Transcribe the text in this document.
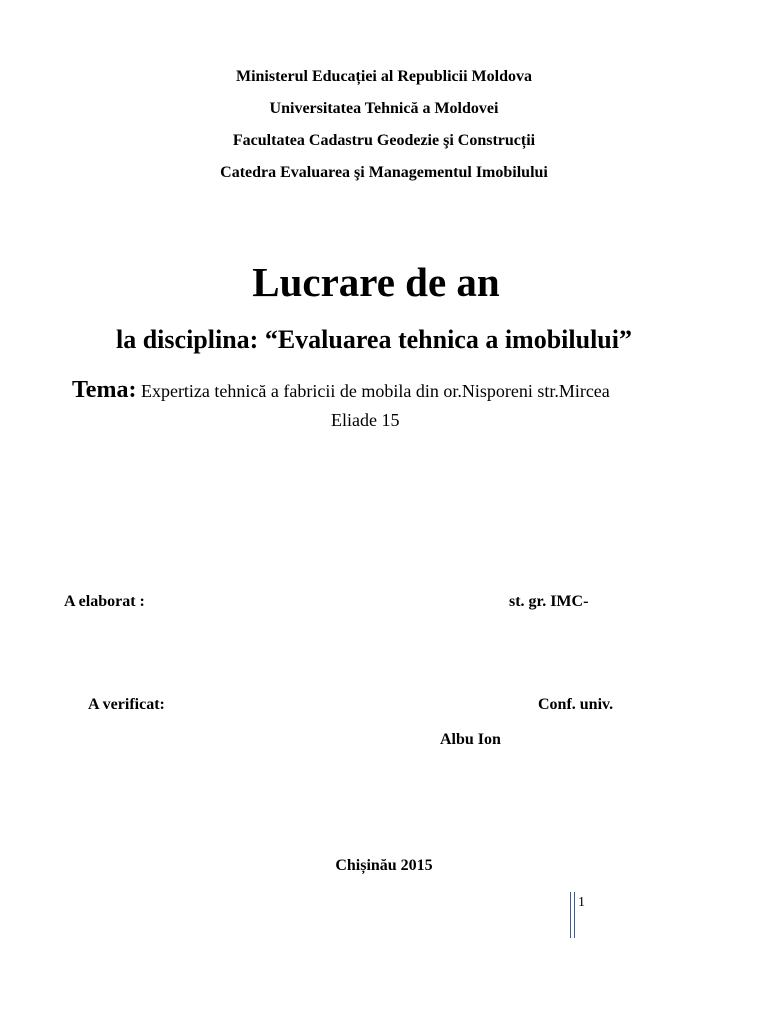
Ministerul Educației al Republicii Moldova
Universitatea Tehnică a Moldovei
Facultatea Cadastru Geodezie şi Construcții
Catedra Evaluarea şi Managementul Imobilului
Lucrare de an
la disciplina: “Evaluarea tehnica a imobilului”
Tema: Expertiza tehnică a fabricii de mobila din or.Nisporeni str.Mircea
Eliade 15
A elaborat :	st. gr. IMC-
A verificat:	Conf. univ.
Albu Ion
Chișinău 2015
1
